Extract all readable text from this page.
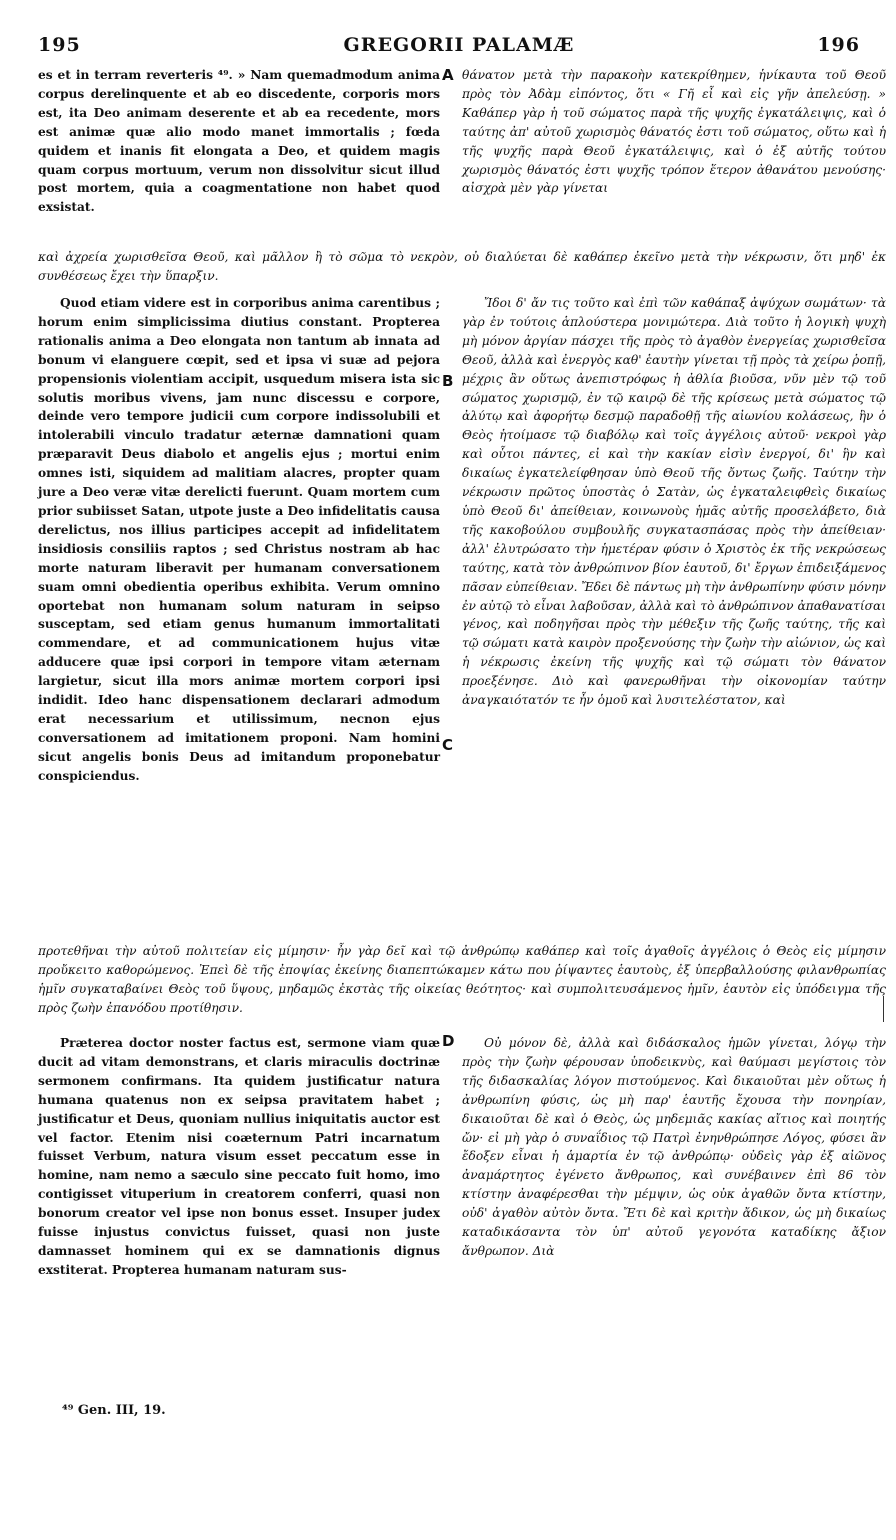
195	GREGORII PALAMÆ	196
es et in terram reverteris ⁴⁹. » Nam quemadmodum anima corpus derelinquente et ab eo discedente, corporis mors est, ita Deo animam deserente et ab ea recedente, mors est animæ quæ alio modo manet immortalis ; fœda quidem et inanis fit elongata a Deo, et quidem magis quam corpus mortuum, verum non dissolvitur sicut illud post mortem, quia a coagmentatione non habet quod exsistat.
θάνατον μετὰ τὴν παρακοὴν κατεκρίθημεν, ἡνίκαυτα τοῦ Θεοῦ πρὸς τὸν Ἀδὰμ εἰπόντος, ὅτι « Γῆ εἶ καὶ εἰς γῆν ἀπελεύσῃ. » Καθάπερ γὰρ ἡ τοῦ σώματος παρὰ τῆς ψυχῆς ἐγκατάλειψις, καὶ ὁ ταύτης ἀπ' αὐτοῦ χωρισμὸς θάνατός ἐστι τοῦ σώματος, οὕτω καὶ ἡ τῆς ψυχῆς παρὰ Θεοῦ ἐγκατάλειψις, καὶ ὁ ἐξ αὐτῆς τούτου χωρισμὸς θάνατός ἐστι ψυχῆς τρόπον ἕτερον ἀθανάτου μενούσης· αἰσχρὰ μὲν γὰρ γίνεται
καὶ ἀχρεία χωρισθεῖσα Θεοῦ, καὶ μᾶλλον ἢ τὸ σῶμα τὸ νεκρὸν, οὐ διαλύεται δὲ καθάπερ ἐκεῖνο μετὰ τὴν νέκρωσιν, ὅτι μηδ' ἐκ συνθέσεως ἔχει τὴν ὕπαρξιν.
Quod etiam videre est in corporibus anima carentibus ; horum enim simplicissima diutius constant. Propterea rationalis anima a Deo elongata non tantum ab innata ad bonum vi elanguere cœpit, sed et ipsa vi suæ ad pejora propensionis violentiam accipit, usquedum misera ista sic solutis moribus vivens, jam nunc discessu e corpore, deinde vero tempore judicii cum corpore indissolubili et intolerabili vinculo tradatur æternæ damnationi quam præparavit Deus diabolo et angelis ejus ; mortui enim omnes isti, siquidem ad malitiam alacres, propter quam jure a Deo veræ vitæ derelicti fuerunt. Quam mortem cum prior subiisset Satan, utpote juste a Deo infidelitatis causa derelictus, nos illius participes accepit ad infidelitatem insidiosis consiliis raptos ; sed Christus nostram ab hac morte naturam liberavit per humanam conversationem suam omni obedientia operibus exhibita. Verum omnino oportebat non humanam solum naturam in seipso susceptam, sed etiam genus humanum immortalitati commendare, et ad communicationem hujus vitæ adducere quæ ipsi corpori in tempore vitam æternam largietur, sicut illa mors animæ mortem corpori ipsi indidit. Ideo hanc dispensationem declarari admodum erat necessarium et utilissimum, necnon ejus conversationem ad imitationem proponi. Nam homini sicut angelis bonis Deus ad imitandum proponebatur conspiciendus.
Ἴδοι δ' ἄν τις τοῦτο καὶ ἐπὶ τῶν καθάπαξ ἀψύχων σωμάτων· τὰ γὰρ ἐν τούτοις ἁπλούστερα μονιμώτερα. Διὰ τοῦτο ἡ λογικὴ ψυχὴ μὴ μόνον ἀργίαν πάσχει τῆς πρὸς τὸ ἀγαθὸν ἐνεργείας χωρισθεῖσα Θεοῦ, ἀλλὰ καὶ ἐνεργὸς καθ' ἑαυτὴν γίνεται τῇ πρὸς τὰ χείρω ῥοπῇ, μέχρις ἂν οὕτως ἀνεπιστρόφως ἡ ἀθλία βιοῦσα, νῦν μὲν τῷ τοῦ σώματος χωρισμῷ, ἐν τῷ καιρῷ δὲ τῆς κρίσεως μετὰ σώματος τῷ ἀλύτῳ καὶ ἀφορήτῳ δεσμῷ παραδοθῇ τῆς αἰωνίου κολάσεως, ἣν ὁ Θεὸς ἡτοίμασε τῷ διαβόλῳ καὶ τοῖς ἀγγέλοις αὐτοῦ· νεκροὶ γὰρ καὶ οὗτοι πάντες, εἰ καὶ τὴν κακίαν εἰσὶν ἐνεργοί, δι' ἣν καὶ δικαίως ἐγκατελείφθησαν ὑπὸ Θεοῦ τῆς ὄντως ζωῆς. Ταύτην τὴν νέκρωσιν πρῶτος ὑποστὰς ὁ Σατὰν, ὡς ἐγκαταλειφθεὶς δικαίως ὑπὸ Θεοῦ δι' ἀπείθειαν, κοινωνοὺς ἡμᾶς αὐτῆς προσελάβετο, διὰ τῆς κακοβούλου συμβουλῆς συγκατασπάσας πρὸς τὴν ἀπείθειαν· ἀλλ' ἐλυτρώσατο τὴν ἡμετέραν φύσιν ὁ Χριστὸς ἐκ τῆς νεκρώσεως ταύτης, κατὰ τὸν ἀνθρώπινον βίον ἑαυτοῦ, δι' ἔργων ἐπιδειξάμενος πᾶσαν εὐπείθειαν. Ἔδει δὲ πάντως μὴ τὴν ἀνθρωπίνην φύσιν μόνην ἐν αὐτῷ τὸ εἶναι λαβοῦσαν, ἀλλὰ καὶ τὸ ἀνθρώπινον ἀπαθανατίσαι γένος, καὶ ποδηγῆσαι πρὸς τὴν μέθεξιν τῆς ζωῆς ταύτης, τῆς καὶ τῷ σώματι κατὰ καιρὸν προξενούσης τὴν ζωὴν τὴν αἰώνιον, ὡς καὶ ἡ νέκρωσις ἐκείνη τῆς ψυχῆς καὶ τῷ σώματι τὸν θάνατον προεξένησε. Διὸ καὶ φανερωθῆναι τὴν οἰκονομίαν ταύτην ἀναγκαιότατόν τε ἦν ὁμοῦ καὶ λυσιτελέστατον, καὶ
προτεθῆναι τὴν αὐτοῦ πολιτείαν εἰς μίμησιν· ἦν γὰρ δεῖ καὶ τῷ ἀνθρώπῳ καθάπερ καὶ τοῖς ἀγαθοῖς ἀγγέλοις ὁ Θεὸς εἰς μίμησιν προὔκειτο καθορώμενος. Ἐπεὶ δὲ τῆς ἐποψίας ἐκείνης διαπεπτώκαμεν κάτω που ῥίψαντες ἑαυτοὺς, ἐξ ὑπερβαλλούσης φιλανθρωπίας ἡμῖν συγκαταβαίνει Θεὸς τοῦ ὕψους, μηδαμῶς ἐκστὰς τῆς οἰκείας θεότητος· καὶ συμπολιτευσάμενος ἡμῖν, ἑαυτὸν εἰς ὑπόδειγμα τῆς πρὸς ζωὴν ἐπανόδου προτίθησιν.
Præterea doctor noster factus est, sermone viam quæ ducit ad vitam demonstrans, et claris miraculis doctrinæ sermonem confirmans. Ita quidem justificatur natura humana quatenus non ex seipsa pravitatem habet ; justificatur et Deus, quoniam nullius iniquitatis auctor est vel factor. Etenim nisi coæternum Patri incarnatum fuisset Verbum, natura visum esset peccatum esse in homine, nam nemo a sæculo sine peccato fuit homo, imo contigisset vituperium in creatorem conferri, quasi non bonorum creator vel ipse non bonus esset. Insuper judex fuisse injustus convictus fuisset, quasi non juste damnasset hominem qui ex se damnationis dignus exstiterat. Propterea humanam naturam sus-
Οὐ μόνον δὲ, ἀλλὰ καὶ διδάσκαλος ἡμῶν γίνεται, λόγῳ τὴν πρὸς τὴν ζωὴν φέρουσαν ὑποδεικνὺς, καὶ θαύμασι μεγίστοις τὸν τῆς διδασκαλίας λόγον πιστούμενος. Καὶ δικαιοῦται μὲν οὕτως ἡ ἀνθρωπίνη φύσις, ὡς μὴ παρ' ἑαυτῆς ἔχουσα τὴν πονηρίαν, δικαιοῦται δὲ καὶ ὁ Θεὸς, ὡς μηδεμιᾶς κακίας αἴτιος καὶ ποιητής ὤν· εἰ μὴ γὰρ ὁ συναΐδιος τῷ Πατρὶ ἐνηνθρώπησε Λόγος, φύσει ἂν ἔδοξεν εἶναι ἡ ἁμαρτία ἐν τῷ ἀνθρώπῳ· οὐδεὶς γὰρ ἐξ αἰῶνος ἀναμάρτητος ἐγένετο ἄνθρωπος, καὶ συνέβαινεν ἐπὶ 86 τὸν κτίστην ἀναφέρεσθαι τὴν μέμψιν, ὡς οὐκ ἀγαθῶν ὄντα κτίστην, οὐδ' ἀγαθὸν αὐτὸν ὄντα. Ἔτι δὲ καὶ κριτὴν ἄδικον, ὡς μὴ δικαίως καταδικάσαντα τὸν ὑπ' αὐτοῦ γεγονότα καταδίκης ἄξιον ἄνθρωπον. Διὰ
A
B
C
D
⁴⁹ Gen. III, 19.
